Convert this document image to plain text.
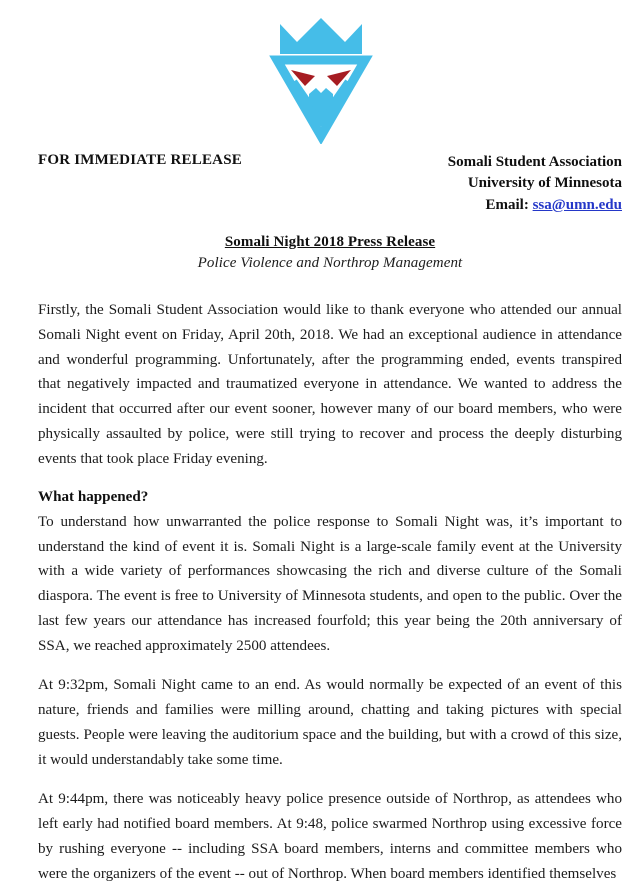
FOR IMMEDIATE RELEASE	Somali Student Association
University of Minnesota
Email: ssa@umn.edu
Somali Night 2018 Press Release
Police Violence and Northrop Management

Firstly, the Somali Student Association would like to thank everyone who attended our annual Somali Night event on Friday, April 20th, 2018. We had an exceptional audience in attendance and wonderful programming. Unfortunately, after the programming ended, events transpired that negatively impacted and traumatized everyone in attendance. We wanted to address the incident that occurred after our event sooner, however many of our board members, who were physically assaulted by police, were still trying to recover and process the deeply disturbing events that took place Friday evening.

What happened?

To understand how unwarranted the police response to Somali Night was, it’s important to understand the kind of event it is. Somali Night is a large-scale family event at the University with a wide variety of performances showcasing the rich and diverse culture of the Somali diaspora. The event is free to University of Minnesota students, and open to the public. Over the last few years our attendance has increased fourfold; this year being the 20th anniversary of SSA, we reached approximately 2500 attendees.

At 9:32pm, Somali Night came to an end. As would normally be expected of an event of this nature, friends and families were milling around, chatting and taking pictures with special guests. People were leaving the auditorium space and the building, but with a crowd of this size, it would understandably take some time.

At 9:44pm, there was noticeably heavy police presence outside of Northrop, as attendees who left early had notified board members. At 9:48, police swarmed Northrop using excessive force by rushing everyone -- including SSA board members, interns and committee members who were the organizers of the event -- out of Northrop. When board members identified themselves
